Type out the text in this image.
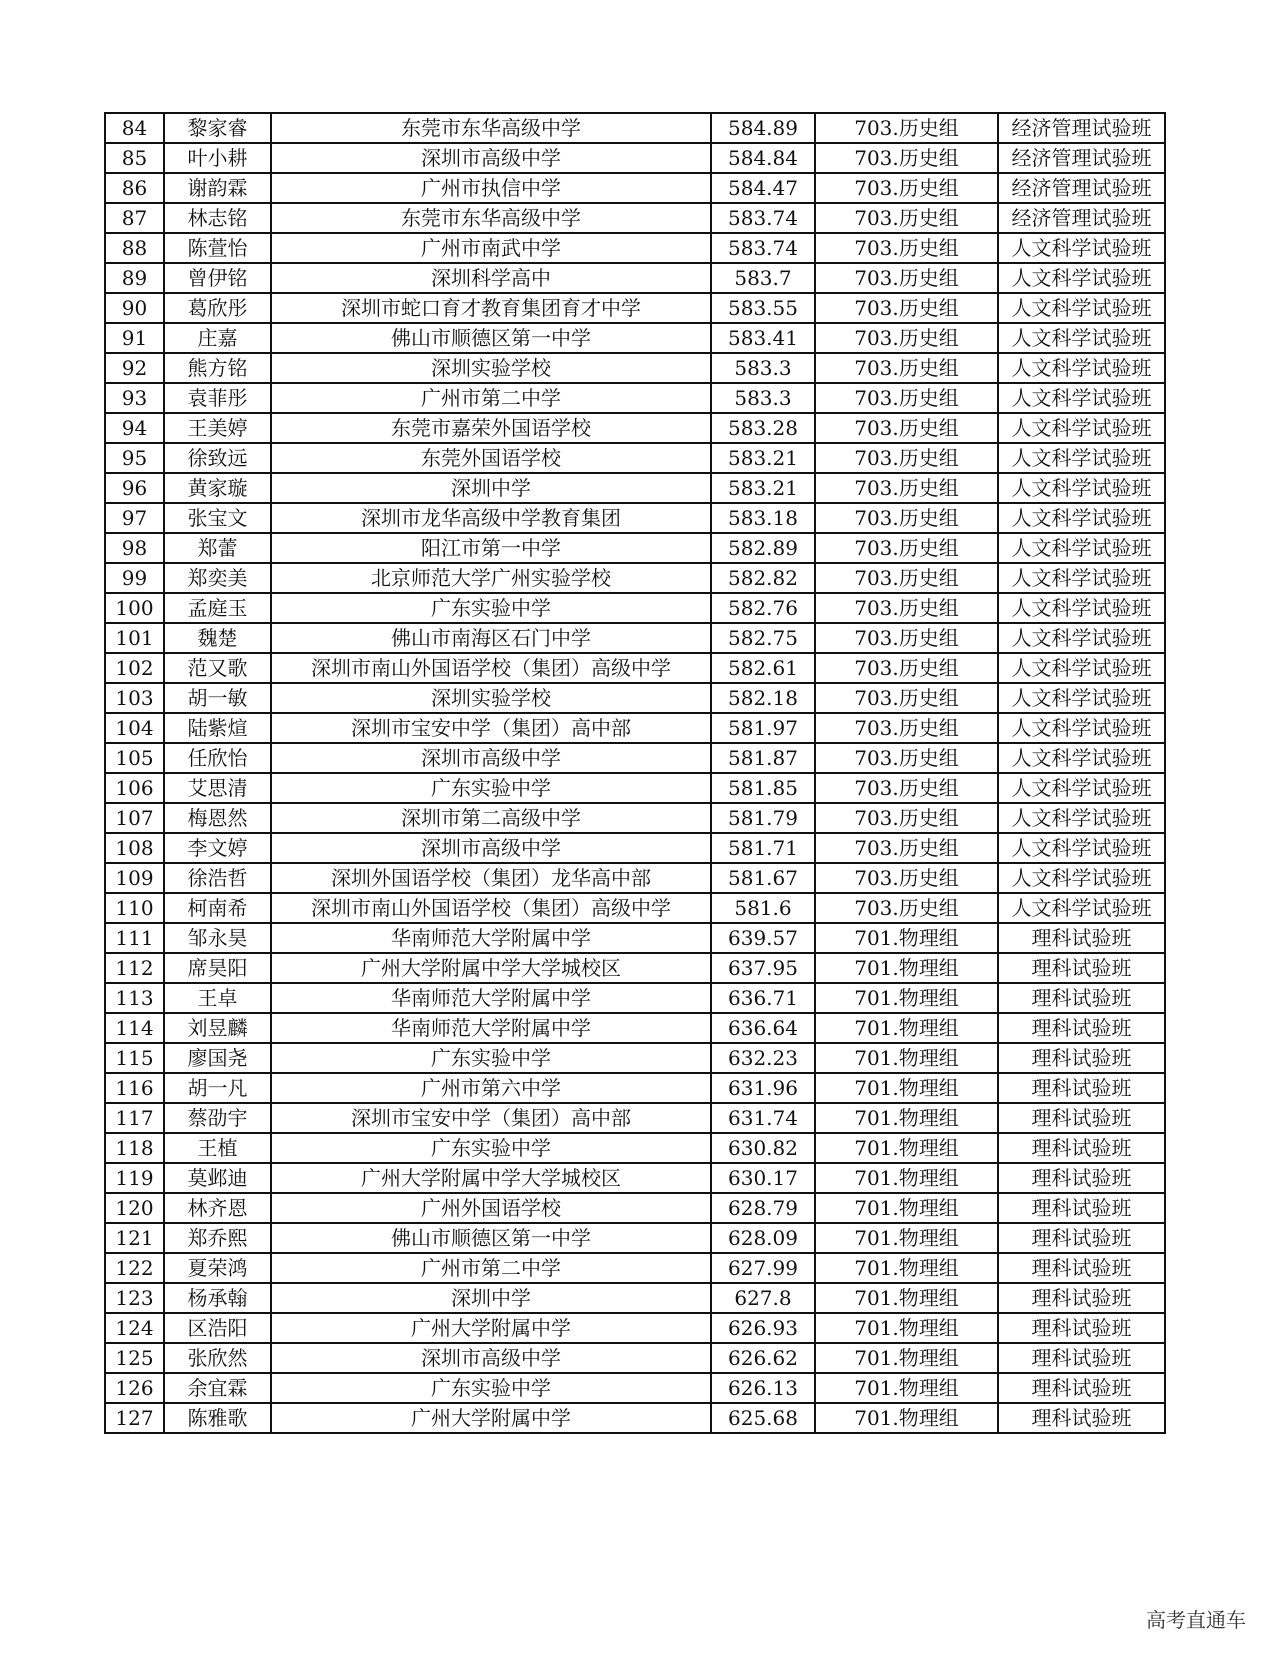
84	黎家睿	东莞市东华高级中学	584.89	703.历史组	经济管理试验班
85	叶小耕	深圳市高级中学	584.84	703.历史组	经济管理试验班
86	谢韵霖	广州市执信中学	584.47	703.历史组	经济管理试验班
87	林志铭	东莞市东华高级中学	583.74	703.历史组	经济管理试验班
88	陈萱怡	广州市南武中学	583.74	703.历史组	人文科学试验班
89	曾伊铭	深圳科学高中	583.7	703.历史组	人文科学试验班
90	葛欣彤	深圳市蛇口育才教育集团育才中学	583.55	703.历史组	人文科学试验班
91	庄嘉	佛山市顺德区第一中学	583.41	703.历史组	人文科学试验班
92	熊方铭	深圳实验学校	583.3	703.历史组	人文科学试验班
93	袁菲彤	广州市第二中学	583.3	703.历史组	人文科学试验班
94	王美婷	东莞市嘉荣外国语学校	583.28	703.历史组	人文科学试验班
95	徐致远	东莞外国语学校	583.21	703.历史组	人文科学试验班
96	黄家璇	深圳中学	583.21	703.历史组	人文科学试验班
97	张宝文	深圳市龙华高级中学教育集团	583.18	703.历史组	人文科学试验班
98	郑蕾	阳江市第一中学	582.89	703.历史组	人文科学试验班
99	郑奕美	北京师范大学广州实验学校	582.82	703.历史组	人文科学试验班
100	孟庭玉	广东实验中学	582.76	703.历史组	人文科学试验班
101	魏楚	佛山市南海区石门中学	582.75	703.历史组	人文科学试验班
102	范又歌	深圳市南山外国语学校（集团）高级中学	582.61	703.历史组	人文科学试验班
103	胡一敏	深圳实验学校	582.18	703.历史组	人文科学试验班
104	陆紫煊	深圳市宝安中学（集团）高中部	581.97	703.历史组	人文科学试验班
105	任欣怡	深圳市高级中学	581.87	703.历史组	人文科学试验班
106	艾思清	广东实验中学	581.85	703.历史组	人文科学试验班
107	梅恩然	深圳市第二高级中学	581.79	703.历史组	人文科学试验班
108	李文婷	深圳市高级中学	581.71	703.历史组	人文科学试验班
109	徐浩哲	深圳外国语学校（集团）龙华高中部	581.67	703.历史组	人文科学试验班
110	柯南希	深圳市南山外国语学校（集团）高级中学	581.6	703.历史组	人文科学试验班
111	邹永昊	华南师范大学附属中学	639.57	701.物理组	理科试验班
112	席昊阳	广州大学附属中学大学城校区	637.95	701.物理组	理科试验班
113	王卓	华南师范大学附属中学	636.71	701.物理组	理科试验班
114	刘昱麟	华南师范大学附属中学	636.64	701.物理组	理科试验班
115	廖国尧	广东实验中学	632.23	701.物理组	理科试验班
116	胡一凡	广州市第六中学	631.96	701.物理组	理科试验班
117	蔡劭宇	深圳市宝安中学（集团）高中部	631.74	701.物理组	理科试验班
118	王植	广东实验中学	630.82	701.物理组	理科试验班
119	莫邺迪	广州大学附属中学大学城校区	630.17	701.物理组	理科试验班
120	林齐恩	广州外国语学校	628.79	701.物理组	理科试验班
121	郑乔熙	佛山市顺德区第一中学	628.09	701.物理组	理科试验班
122	夏荣鸿	广州市第二中学	627.99	701.物理组	理科试验班
123	杨承翰	深圳中学	627.8	701.物理组	理科试验班
124	区浩阳	广州大学附属中学	626.93	701.物理组	理科试验班
125	张欣然	深圳市高级中学	626.62	701.物理组	理科试验班
126	余宜霖	广东实验中学	626.13	701.物理组	理科试验班
127	陈雅歌	广州大学附属中学	625.68	701.物理组	理科试验班
高考直通车
